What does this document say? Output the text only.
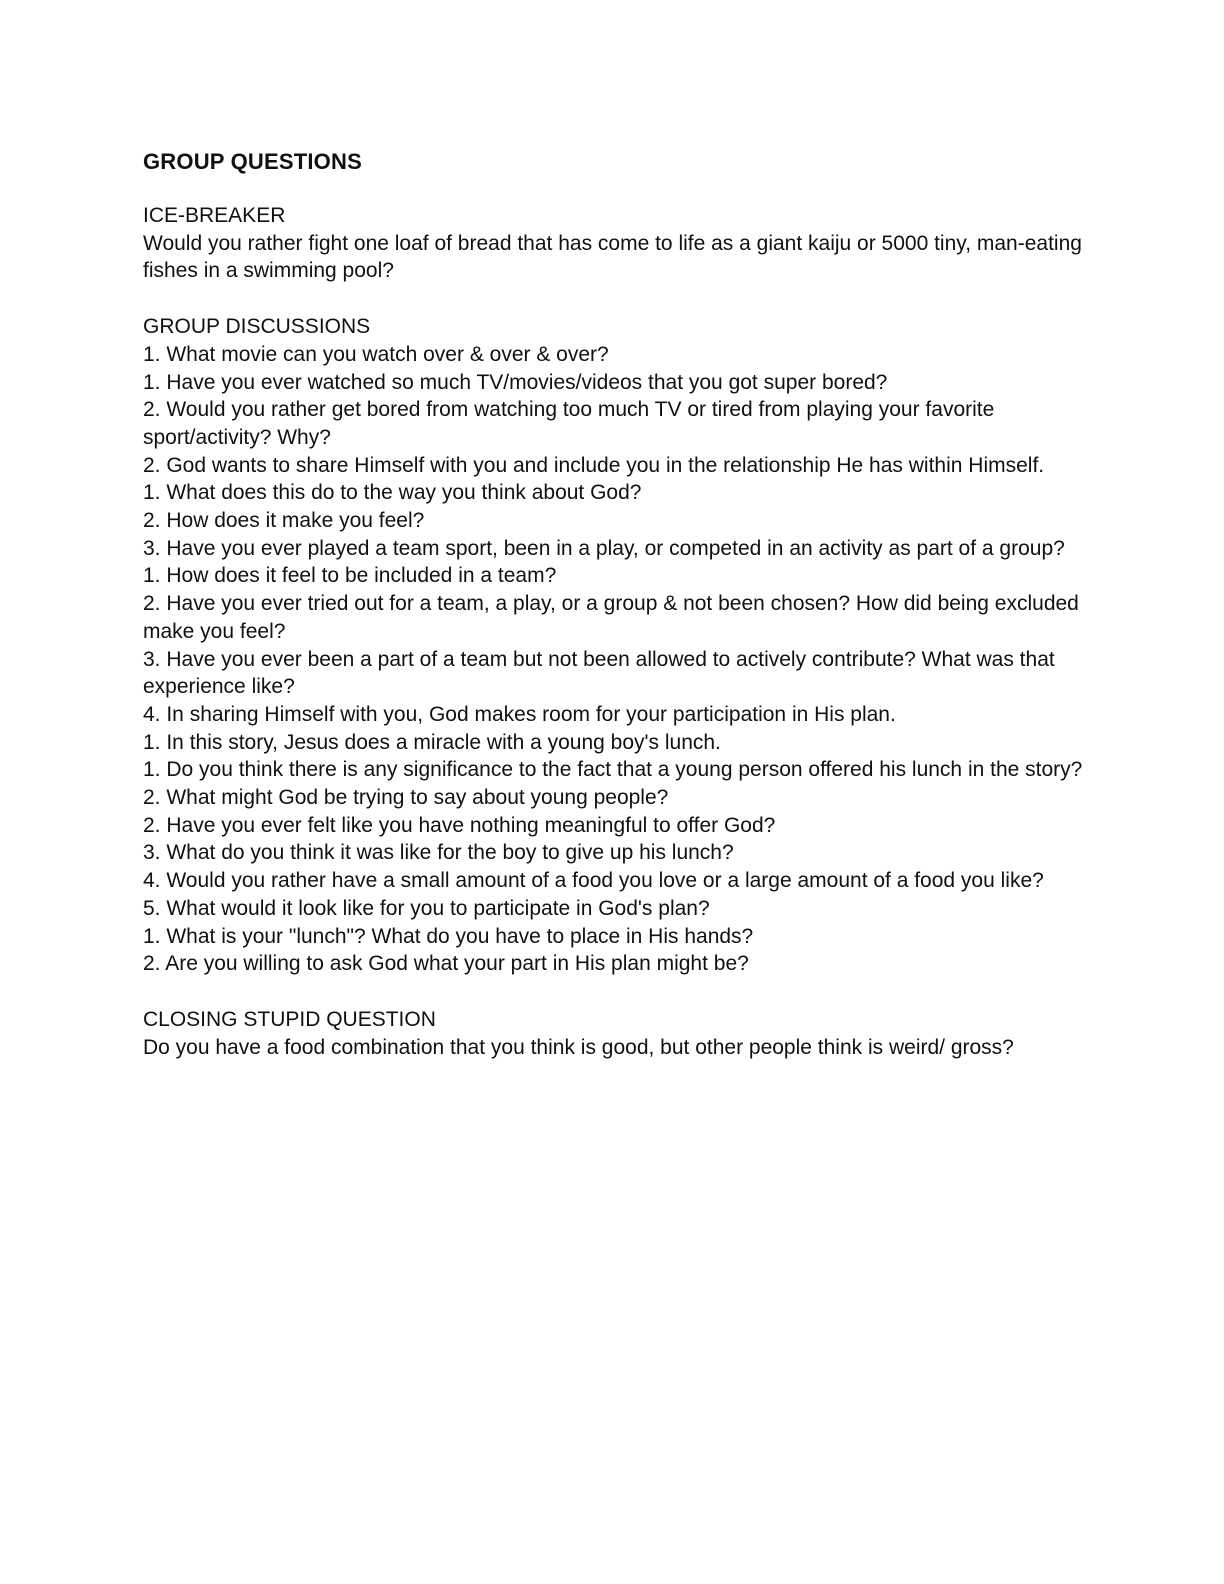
GROUP QUESTIONS

ICE-BREAKER

Would you rather fight one loaf of bread that has come to life as a giant kaiju or 5000 tiny, man-eating fishes in a swimming pool?

GROUP DISCUSSIONS

1. What movie can you watch over & over & over?

1. Have you ever watched so much TV/movies/videos that you got super bored?

2. Would you rather get bored from watching too much TV or tired from playing your favorite sport/activity? Why?

2. God wants to share Himself with you and include you in the relationship He has within Himself.

1. What does this do to the way you think about God?

2. How does it make you feel?

3. Have you ever played a team sport, been in a play, or competed in an activity as part of a group?

1. How does it feel to be included in a team?

2. Have you ever tried out for a team, a play, or a group & not been chosen? How did being excluded make you feel?

3. Have you ever been a part of a team but not been allowed to actively contribute? What was that experience like?

4. In sharing Himself with you, God makes room for your participation in His plan.

1. In this story, Jesus does a miracle with a young boy's lunch.

1. Do you think there is any significance to the fact that a young person offered his lunch in the story?

2. What might God be trying to say about young people?

2. Have you ever felt like you have nothing meaningful to offer God?

3. What do you think it was like for the boy to give up his lunch?

4. Would you rather have a small amount of a food you love or a large amount of a food you like?

5. What would it look like for you to participate in God's plan?

1. What is your "lunch"? What do you have to place in His hands?

2. Are you willing to ask God what your part in His plan might be?

CLOSING STUPID QUESTION

Do you have a food combination that you think is good, but other people think is weird/ gross?
